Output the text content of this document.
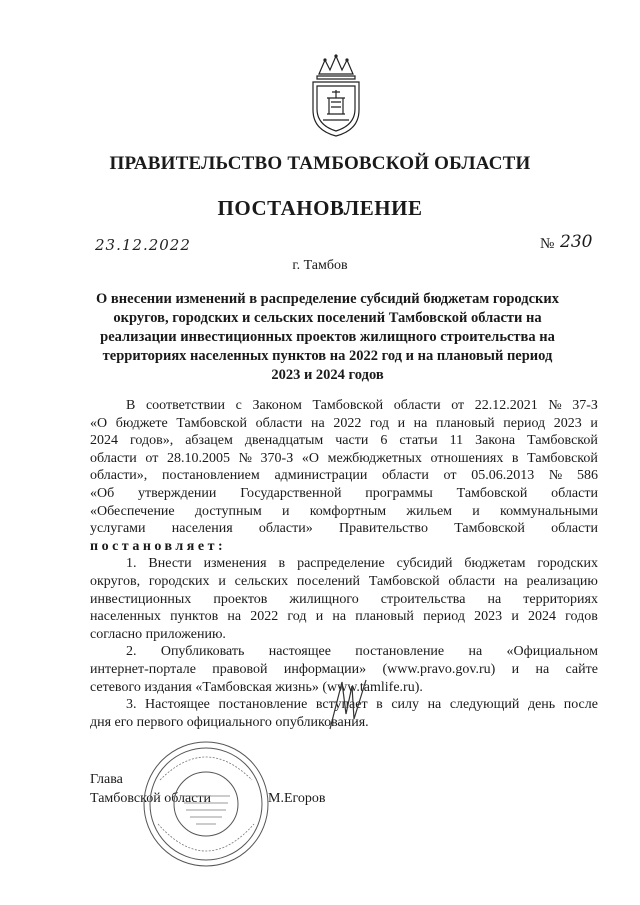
ПРАВИТЕЛЬСТВО ТАМБОВСКОЙ ОБЛАСТИ
ПОСТАНОВЛЕНИЕ
23.12.2022	№ 230
г. Тамбов
О внесении изменений в распределение субсидий бюджетам городских
округов, городских и сельских поселений Тамбовской области на
реализации инвестиционных проектов жилищного строительства на
территориях населенных пунктов на 2022 год и на плановый период
2023 и 2024 годов
В соответствии с Законом Тамбовской области от 22.12.2021 № 37-З
«О бюджете Тамбовской области на 2022 год и на плановый период 2023 и
2024 годов», абзацем двенадцатым части 6 статьи 11 Закона Тамбовской
области от 28.10.2005 № 370-З «О межбюджетных отношениях в Тамбовской
области», постановлением администрации области от 05.06.2013 № 586
«Об утверждении Государственной программы Тамбовской области
«Обеспечение доступным и комфортным жильем и коммунальными
услугами населения области» Правительство Тамбовской области
постановляет:
1. Внести изменения в распределение субсидий бюджетам городских
округов, городских и сельских поселений Тамбовской области на реализацию
инвестиционных проектов жилищного строительства на территориях
населенных пунктов на 2022 год и на плановый период 2023 и 2024 годов
согласно приложению.
2. Опубликовать настоящее постановление на «Официальном
интернет-портале правовой информации» (www.pravo.gov.ru) и на сайте
сетевого издания «Тамбовская жизнь» (www.tamlife.ru).
3. Настоящее постановление вступает в силу на следующий день после
дня его первого официального опубликования.
Глава
Тамбовской области	М.Егоров
